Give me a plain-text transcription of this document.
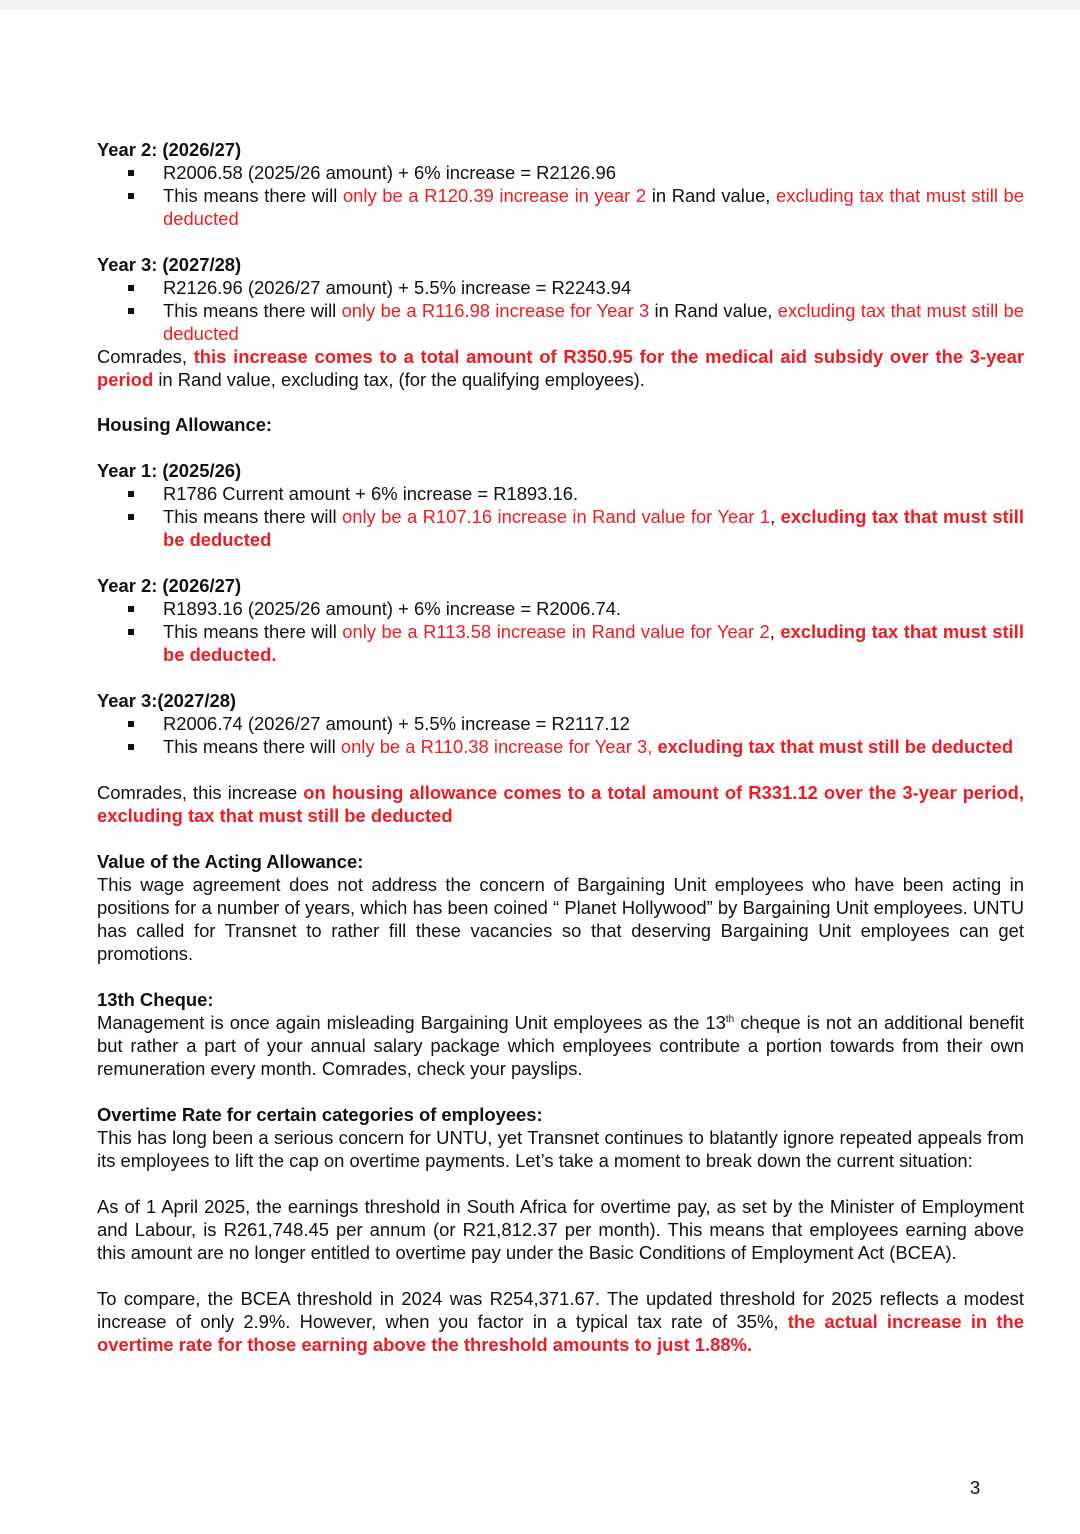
Year 2: (2026/27)

R2006.58 (2025/26 amount) + 6% increase = R2126.96
This means there will only be a R120.39 increase in year 2 in Rand value, excluding tax that must still be deducted

Year 3: (2027/28)

R2126.96 (2026/27 amount) + 5.5% increase = R2243.94
This means there will only be a R116.98 increase for Year 3 in Rand value, excluding tax that must still be deducted

Comrades, this increase comes to a total amount of R350.95 for the medical aid subsidy over the 3-year period in Rand value, excluding tax, (for the qualifying employees).

Housing Allowance:

Year 1: (2025/26)

R1786 Current amount + 6% increase = R1893.16.
This means there will only be a R107.16 increase in Rand value for Year 1, excluding tax that must still be deducted

Year 2: (2026/27)

R1893.16 (2025/26 amount) + 6% increase = R2006.74.
This means there will only be a R113.58 increase in Rand value for Year 2, excluding tax that must still be deducted.

Year 3:(2027/28)

R2006.74 (2026/27 amount) + 5.5% increase = R2117.12
This means there will only be a R110.38 increase for Year 3, excluding tax that must still be deducted

Comrades, this increase on housing allowance comes to a total amount of R331.12 over the 3-year period, excluding tax that must still be deducted

Value of the Acting Allowance:

This wage agreement does not address the concern of Bargaining Unit employees who have been acting in positions for a number of years, which has been coined “ Planet Hollywood” by Bargaining Unit employees. UNTU has called for Transnet to rather fill these vacancies so that deserving Bargaining Unit employees can get promotions.

13th Cheque:

Management is once again misleading Bargaining Unit employees as the 13th cheque is not an additional benefit but rather a part of your annual salary package which employees contribute a portion towards from their own remuneration every month. Comrades, check your payslips.

Overtime Rate for certain categories of employees:

This has long been a serious concern for UNTU, yet Transnet continues to blatantly ignore repeated appeals from its employees to lift the cap on overtime payments. Let’s take a moment to break down the current situation:

As of 1 April 2025, the earnings threshold in South Africa for overtime pay, as set by the Minister of Employment and Labour, is R261,748.45 per annum (or R21,812.37 per month). This means that employees earning above this amount are no longer entitled to overtime pay under the Basic Conditions of Employment Act (BCEA).

To compare, the BCEA threshold in 2024 was R254,371.67. The updated threshold for 2025 reflects a modest increase of only 2.9%. However, when you factor in a typical tax rate of 35%, the actual increase in the overtime rate for those earning above the threshold amounts to just 1.88%.

3
